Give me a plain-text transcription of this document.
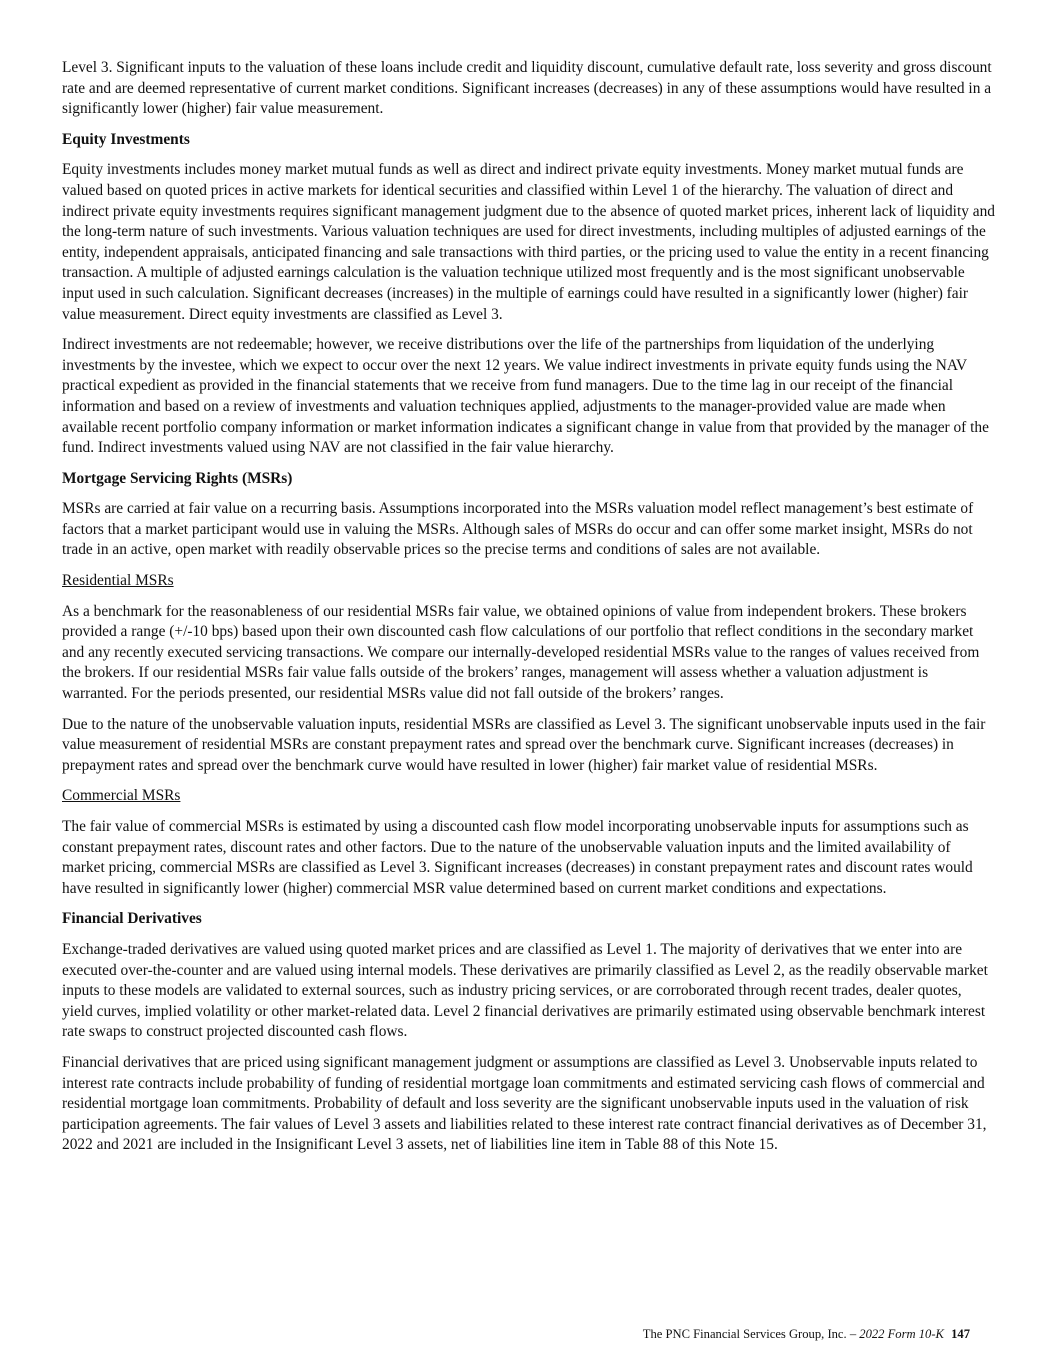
Level 3. Significant inputs to the valuation of these loans include credit and liquidity discount, cumulative default rate, loss severity and gross discount rate and are deemed representative of current market conditions. Significant increases (decreases) in any of these assumptions would have resulted in a significantly lower (higher) fair value measurement.

Equity Investments

Equity investments includes money market mutual funds as well as direct and indirect private equity investments. Money market mutual funds are valued based on quoted prices in active markets for identical securities and classified within Level 1 of the hierarchy. The valuation of direct and indirect private equity investments requires significant management judgment due to the absence of quoted market prices, inherent lack of liquidity and the long-term nature of such investments. Various valuation techniques are used for direct investments, including multiples of adjusted earnings of the entity, independent appraisals, anticipated financing and sale transactions with third parties, or the pricing used to value the entity in a recent financing transaction. A multiple of adjusted earnings calculation is the valuation technique utilized most frequently and is the most significant unobservable input used in such calculation. Significant decreases (increases) in the multiple of earnings could have resulted in a significantly lower (higher) fair value measurement. Direct equity investments are classified as Level 3.

Indirect investments are not redeemable; however, we receive distributions over the life of the partnerships from liquidation of the underlying investments by the investee, which we expect to occur over the next 12 years. We value indirect investments in private equity funds using the NAV practical expedient as provided in the financial statements that we receive from fund managers. Due to the time lag in our receipt of the financial information and based on a review of investments and valuation techniques applied, adjustments to the manager-provided value are made when available recent portfolio company information or market information indicates a significant change in value from that provided by the manager of the fund. Indirect investments valued using NAV are not classified in the fair value hierarchy.

Mortgage Servicing Rights (MSRs)

MSRs are carried at fair value on a recurring basis. Assumptions incorporated into the MSRs valuation model reflect management’s best estimate of factors that a market participant would use in valuing the MSRs. Although sales of MSRs do occur and can offer some market insight, MSRs do not trade in an active, open market with readily observable prices so the precise terms and conditions of sales are not available.

Residential MSRs

As a benchmark for the reasonableness of our residential MSRs fair value, we obtained opinions of value from independent brokers. These brokers provided a range (+/-10 bps) based upon their own discounted cash flow calculations of our portfolio that reflect conditions in the secondary market and any recently executed servicing transactions. We compare our internally-developed residential MSRs value to the ranges of values received from the brokers. If our residential MSRs fair value falls outside of the brokers’ ranges, management will assess whether a valuation adjustment is warranted. For the periods presented, our residential MSRs value did not fall outside of the brokers’ ranges.

Due to the nature of the unobservable valuation inputs, residential MSRs are classified as Level 3. The significant unobservable inputs used in the fair value measurement of residential MSRs are constant prepayment rates and spread over the benchmark curve. Significant increases (decreases) in prepayment rates and spread over the benchmark curve would have resulted in lower (higher) fair market value of residential MSRs.

Commercial MSRs

The fair value of commercial MSRs is estimated by using a discounted cash flow model incorporating unobservable inputs for assumptions such as constant prepayment rates, discount rates and other factors. Due to the nature of the unobservable valuation inputs and the limited availability of market pricing, commercial MSRs are classified as Level 3. Significant increases (decreases) in constant prepayment rates and discount rates would have resulted in significantly lower (higher) commercial MSR value determined based on current market conditions and expectations.

Financial Derivatives

Exchange-traded derivatives are valued using quoted market prices and are classified as Level 1. The majority of derivatives that we enter into are executed over-the-counter and are valued using internal models. These derivatives are primarily classified as Level 2, as the readily observable market inputs to these models are validated to external sources, such as industry pricing services, or are corroborated through recent trades, dealer quotes, yield curves, implied volatility or other market-related data. Level 2 financial derivatives are primarily estimated using observable benchmark interest rate swaps to construct projected discounted cash flows.

Financial derivatives that are priced using significant management judgment or assumptions are classified as Level 3. Unobservable inputs related to interest rate contracts include probability of funding of residential mortgage loan commitments and estimated servicing cash flows of commercial and residential mortgage loan commitments. Probability of default and loss severity are the significant unobservable inputs used in the valuation of risk participation agreements. The fair values of Level 3 assets and liabilities related to these interest rate contract financial derivatives as of December 31, 2022 and 2021 are included in the Insignificant Level 3 assets, net of liabilities line item in Table 88 of this Note 15.

The PNC Financial Services Group, Inc. – 2022 Form 10-K 147
